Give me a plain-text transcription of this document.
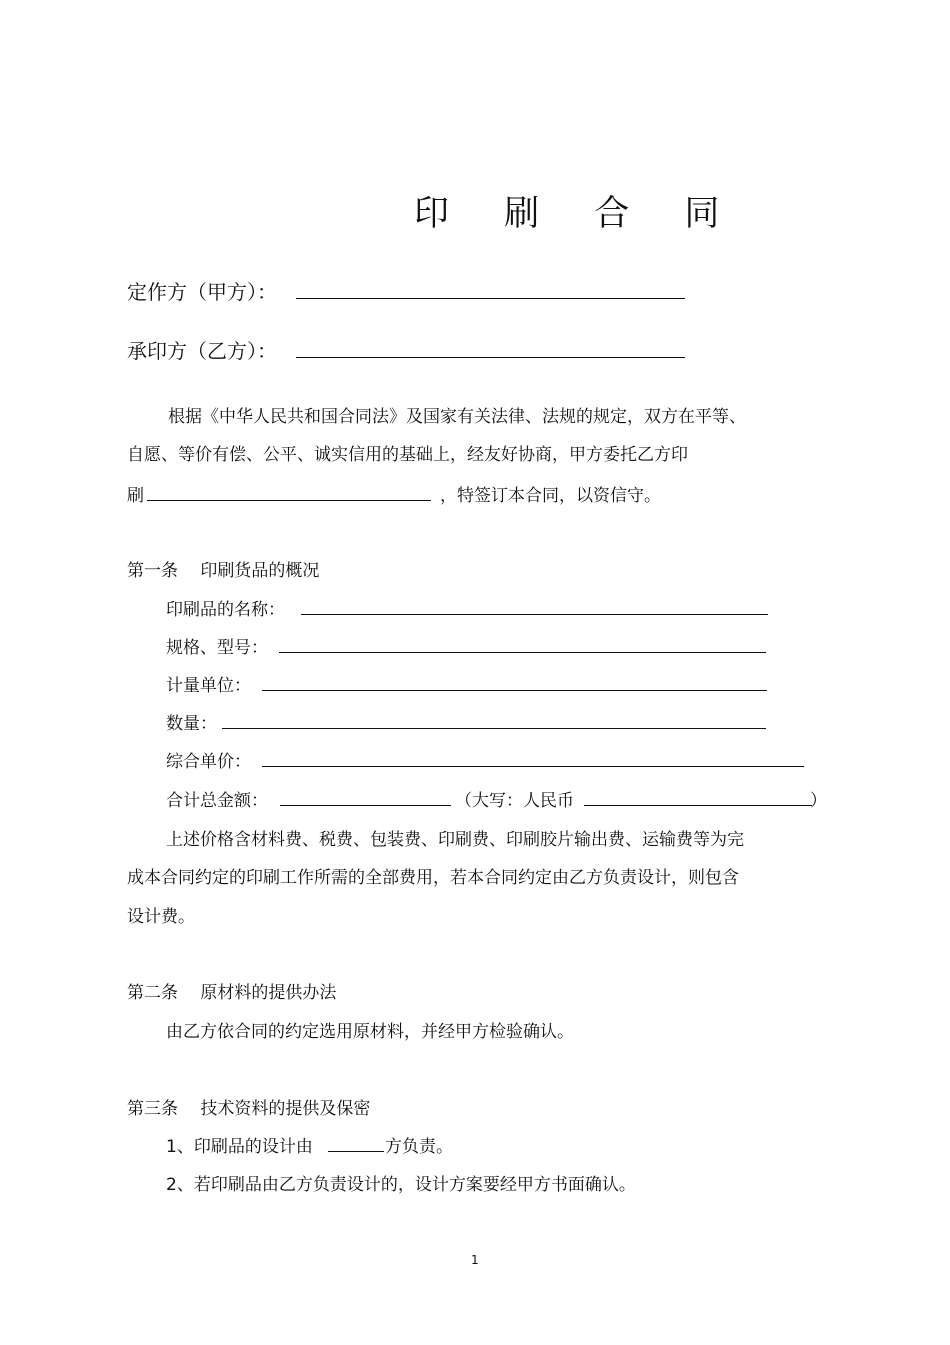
印 刷 合 同
定作方（甲方）：
承印方（乙方）：
根据《中华人民共和国合同法》及国家有关法律、法规的规定，双方在平等、
自愿、等价有偿、公平、诚实信用的基础上，经友好协商，甲方委托乙方印
刷	，特签订本合同，以资信守。
第一条　 印刷货品的概况
印刷品的名称：
规格、型号：
计量单位：
数量：
综合单价：
合计总金额：	（大写：人民币	）
上述价格含材料费、税费、包装费、印刷费、印刷胶片输出费、运输费等为完
成本合同约定的印刷工作所需的全部费用，若本合同约定由乙方负责设计，则包含
设计费。
第二条　 原材料的提供办法
由乙方依合同的约定选用原材料，并经甲方检验确认。
第三条　 技术资料的提供及保密
1、印刷品的设计由	方负责。
2、若印刷品由乙方负责设计的，设计方案要经甲方书面确认。
1
